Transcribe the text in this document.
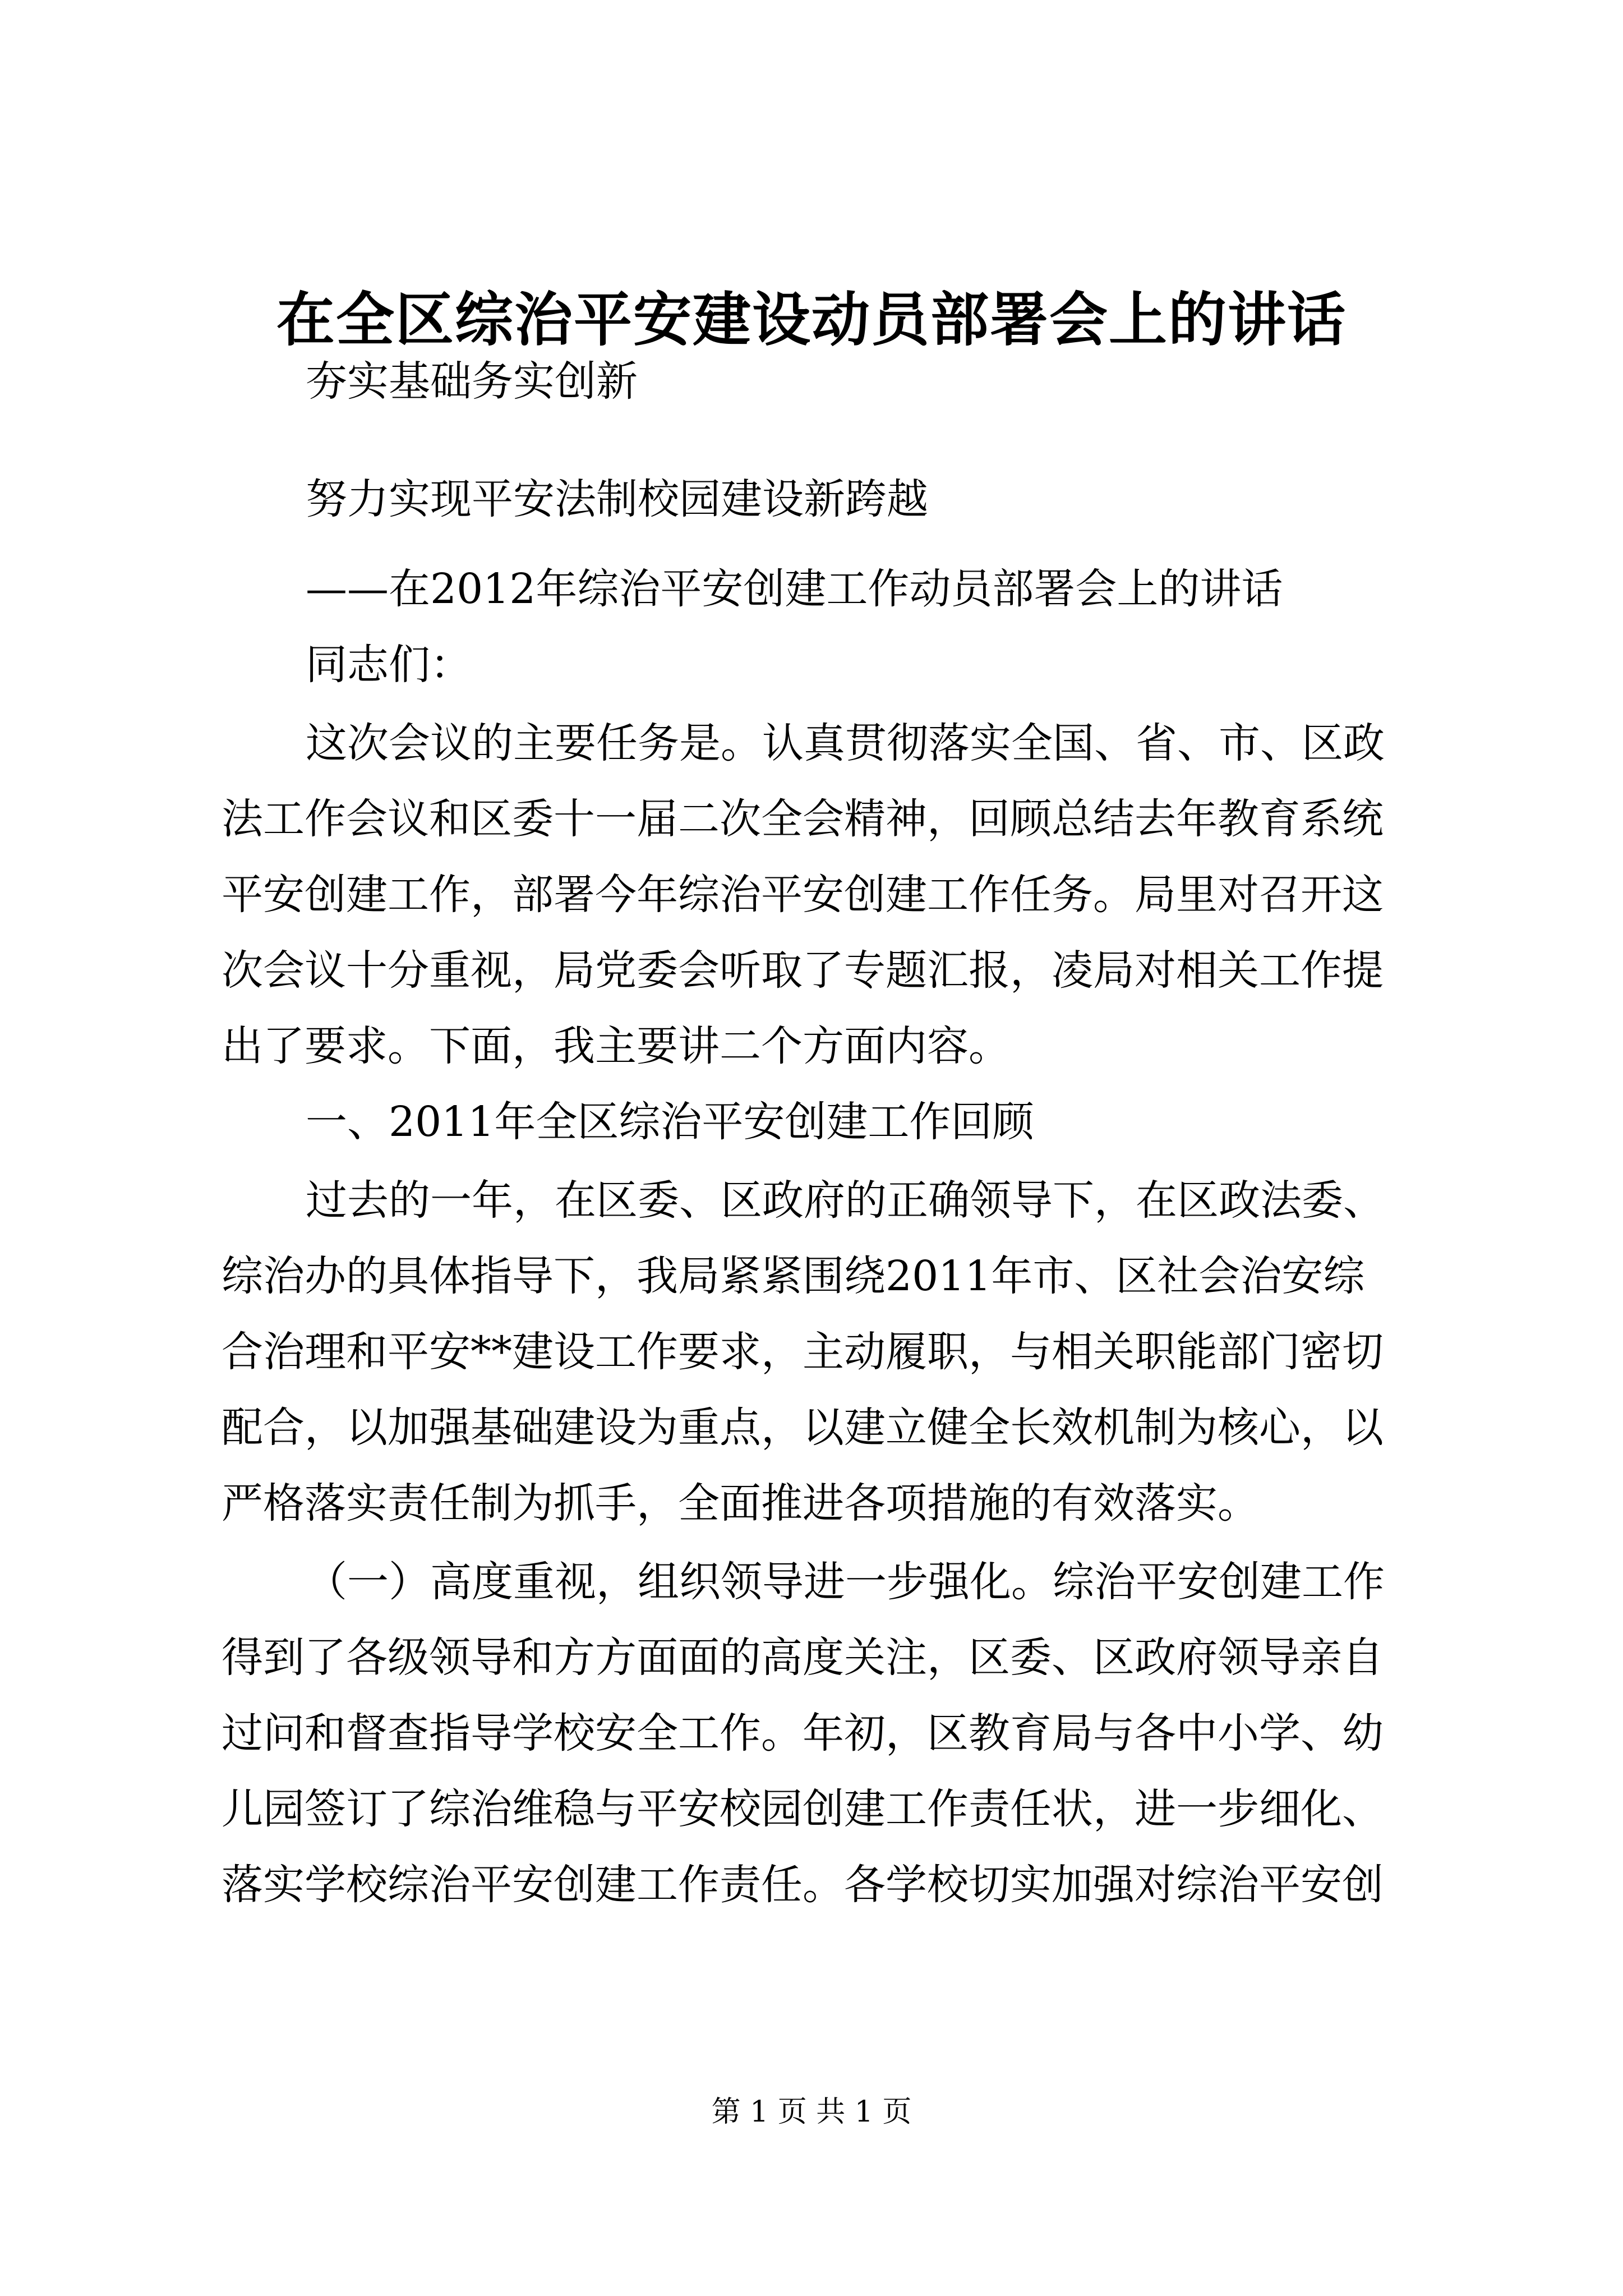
在全区综治平安建设动员部署会上的讲话
夯实基础务实创新
努力实现平安法制校园建设新跨越
——在2012年综治平安创建工作动员部署会上的讲话
同志们：
这次会议的主要任务是。认真贯彻落实全国、省、市、区政
法工作会议和区委十一届二次全会精神，回顾总结去年教育系统
平安创建工作，部署今年综治平安创建工作任务。局里对召开这
次会议十分重视，局党委会听取了专题汇报，凌局对相关工作提
出了要求。下面，我主要讲二个方面内容。
一、2011年全区综治平安创建工作回顾
过去的一年，在区委、区政府的正确领导下，在区政法委、
综治办的具体指导下，我局紧紧围绕2011年市、区社会治安综
合治理和平安**建设工作要求，主动履职，与相关职能部门密切
配合，以加强基础建设为重点，以建立健全长效机制为核心，以
严格落实责任制为抓手，全面推进各项措施的有效落实。
（一）高度重视，组织领导进一步强化。综治平安创建工作
得到了各级领导和方方面面的高度关注，区委、区政府领导亲自
过问和督查指导学校安全工作。年初，区教育局与各中小学、幼
儿园签订了综治维稳与平安校园创建工作责任状，进一步细化、
落实学校综治平安创建工作责任。各学校切实加强对综治平安创
第 1 页 共 1 页
